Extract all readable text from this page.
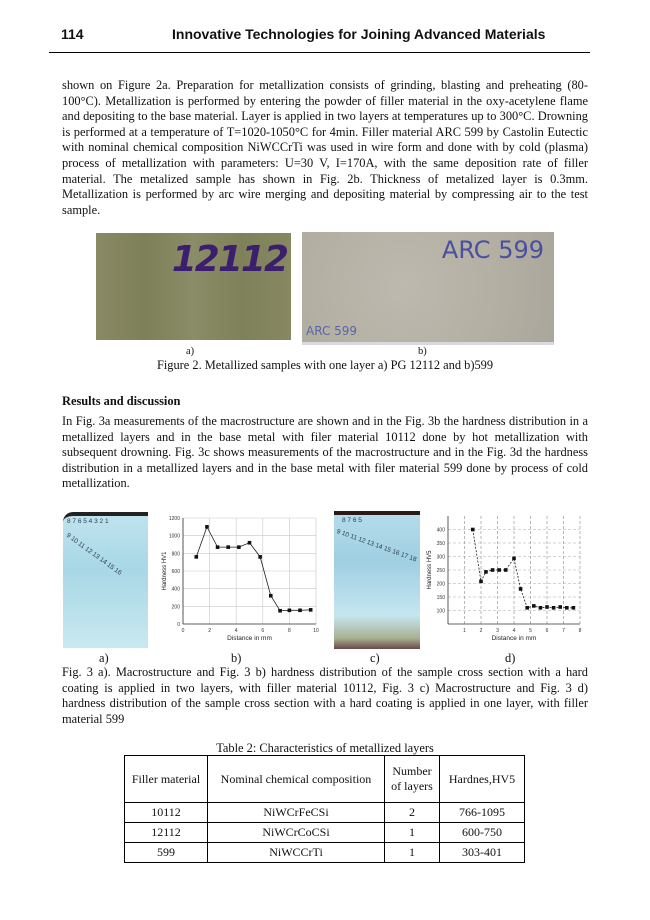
114	Innovative Technologies for Joining Advanced Materials
shown on Figure 2a. Preparation for metallization consists of grinding, blasting and preheating (80-100°C). Metallization is performed by entering the powder of filler material in the oxy-acetylene flame and depositing to the base material. Layer is applied in two layers at temperatures up to 300°C. Drowning is performed at a temperature of T=1020-1050°C for 4min. Filler material ARC 599 by Castolin Eutectic with nominal chemical composition NiWCCrTi was used in wire form and done with by cold (plasma) process of metallization with parameters: U=30 V, I=170A, with the same deposition rate of filler material. The metalized sample has shown in Fig. 2b. Thickness of metalized layer is 0.3mm. Metallization is performed by arc wire merging and depositing material by compressing air to the test sample.
12112	ARC 599
ARC 599
a)	b)
Figure 2. Metallized samples with one layer a) PG 12112 and b)599
Results and discussion
In Fig. 3a measurements of the macrostructure are shown and in the Fig. 3b the hardness distribution in a metallized layers and in the base metal with filer material 10112 done by hot metallization with subsequent drowning. Fig. 3c shows measurements of the macrostructure and in the Fig. 3d the hardness distribution in a metallized layers and in the base metal with filer material 599 done by process of cold metallization.
8 7 6 5 4 3 2 1
9 10 11 12 13 14 15 16
0	2	4	6	8	10
0
200
400
600
800
1000
1200
Distance in mm
Hardness HV1
8 7 6 5
9 10 11 12 13 14 15 16 17 18
1	2	3	4	5	6	7	8
100
150
200
250
300
350
400
Distance in mm
Hardness HV5
a)	b)	c)	d)
Fig. 3 a). Macrostructure and Fig. 3 b) hardness distribution of the sample cross section with a hard coating is applied in two layers, with filler material 10112, Fig. 3 c) Macrostructure and Fig. 3 d) hardness distribution of the sample cross section with a hard coating is applied in one layer, with filler material 599
Table 2: Characteristics of metallized layers
Filler material	Nominal chemical composition	Number of layers	Hardnes,HV5
10112	NiWCrFeCSi	2	766-1095
12112	NiWCrCoCSi	1	600-750
599	NiWCCrTi	1	303-401
